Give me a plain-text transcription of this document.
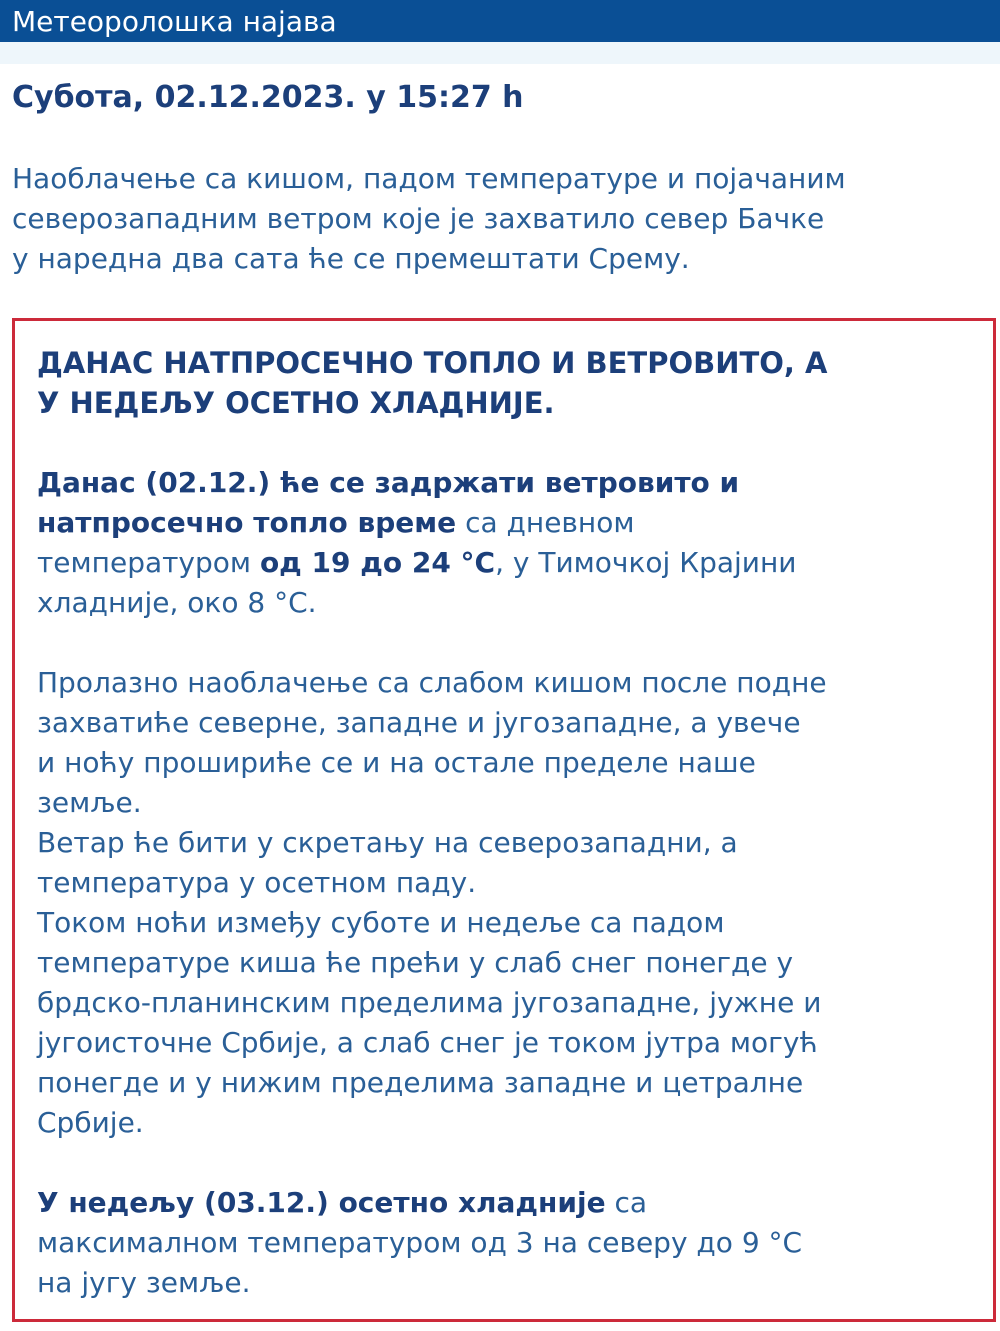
Метеоролошка најава
Субота, 02.12.2023. у 15:27 h
Наоблачење са кишом, падом температуре и појачаним
северозападним ветром које је захватило север Бачке
у наредна два сата ће се премештати Срему.
ДАНАС НАТПРОСЕЧНО ТОПЛО И ВЕТРОВИТО, А
У НЕДЕЉУ ОСЕТНО ХЛАДНИЈЕ.
Данас (02.12.) ће се задржати ветровито и
натпросечно топло време са дневном
температуром од 19 до 24 °C, у Тимочкој Крајини
хладније, око 8 °C.
Пролазно наоблачење са слабом кишом после подне
захватиће северне, западне и југозападне, а увече
и ноћу прошириће се и на остале пределе наше
земље.
Ветар ће бити у скретању на северозападни, а
температура у осетном паду.
Током ноћи између суботе и недеље са падом
температуре киша ће прећи у слаб снег понегде у
брдско-планинским пределима југозападне, јужне и
југоисточне Србије, а слаб снег је током јутра могућ
понегде и у нижим пределима западне и цетралне
Србије.
У недељу (03.12.) осетно хладније са
максималном температуром од 3 на северу до 9 °C
на југу земље.
